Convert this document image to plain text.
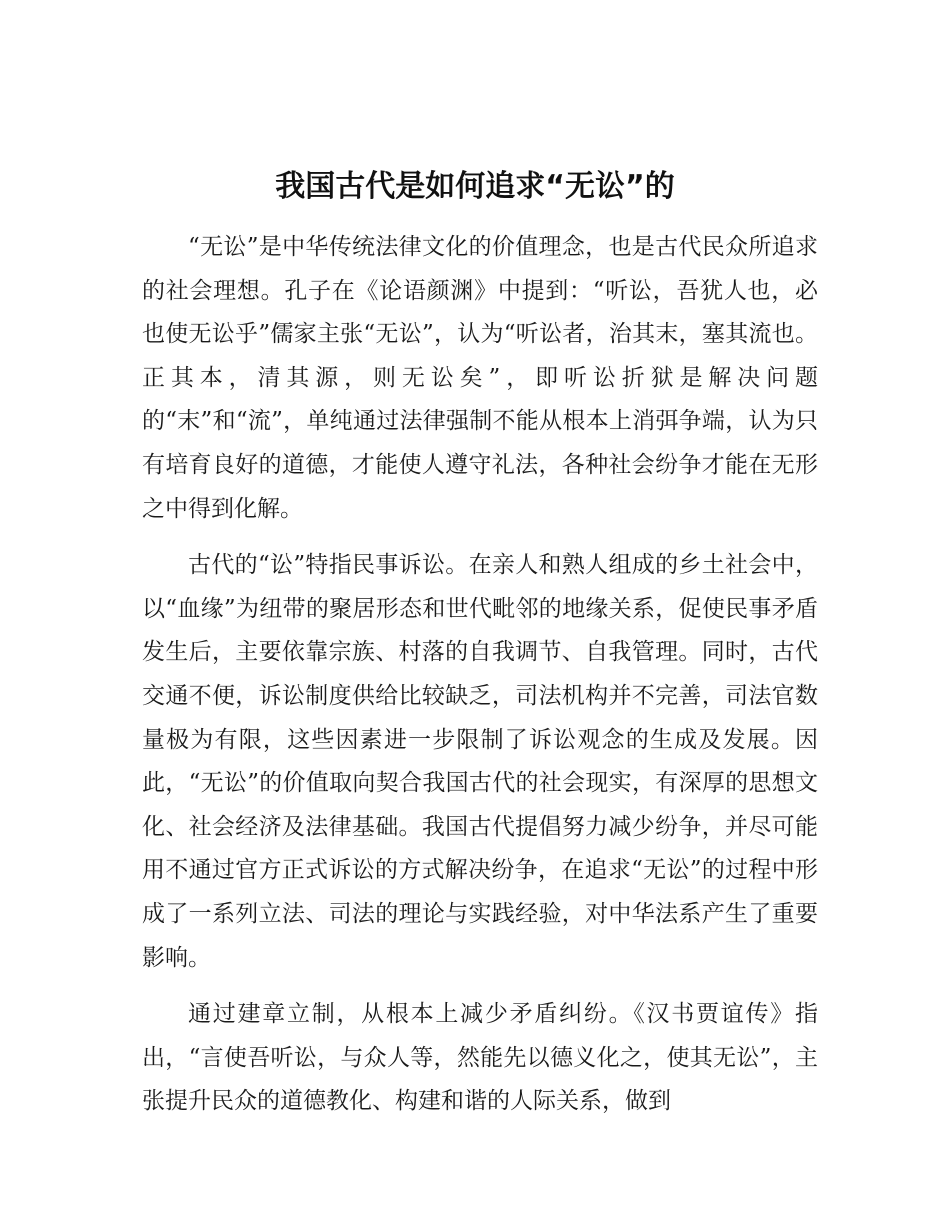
我国古代是如何追求“无讼”的

“无讼”是中华传统法律文化的价值理念，也是古代民众所追求的社会理想。孔子在《论语颜渊》中提到：“听讼，吾犹人也，必也使无讼乎”儒家主张“无讼”，认为“听讼者，治其末，塞其流也。正其本，清其源，则无讼矣”，即听讼折狱是解决问题的“末”和“流”，单纯通过法律强制不能从根本上消弭争端，认为只有培育良好的道德，才能使人遵守礼法，各种社会纷争才能在无形之中得到化解。

古代的“讼”特指民事诉讼。在亲人和熟人组成的乡土社会中，以“血缘”为纽带的聚居形态和世代毗邻的地缘关系，促使民事矛盾发生后，主要依靠宗族、村落的自我调节、自我管理。同时，古代交通不便，诉讼制度供给比较缺乏，司法机构并不完善，司法官数量极为有限，这些因素进一步限制了诉讼观念的生成及发展。因此，“无讼”的价值取向契合我国古代的社会现实，有深厚的思想文化、社会经济及法律基础。我国古代提倡努力减少纷争，并尽可能用不通过官方正式诉讼的方式解决纷争，在追求“无讼”的过程中形成了一系列立法、司法的理论与实践经验，对中华法系产生了重要影响。

通过建章立制，从根本上减少矛盾纠纷。《汉书贾谊传》指出，“言使吾听讼，与众人等，然能先以德义化之，使其无讼”，主张提升民众的道德教化、构建和谐的人际关系，做到
